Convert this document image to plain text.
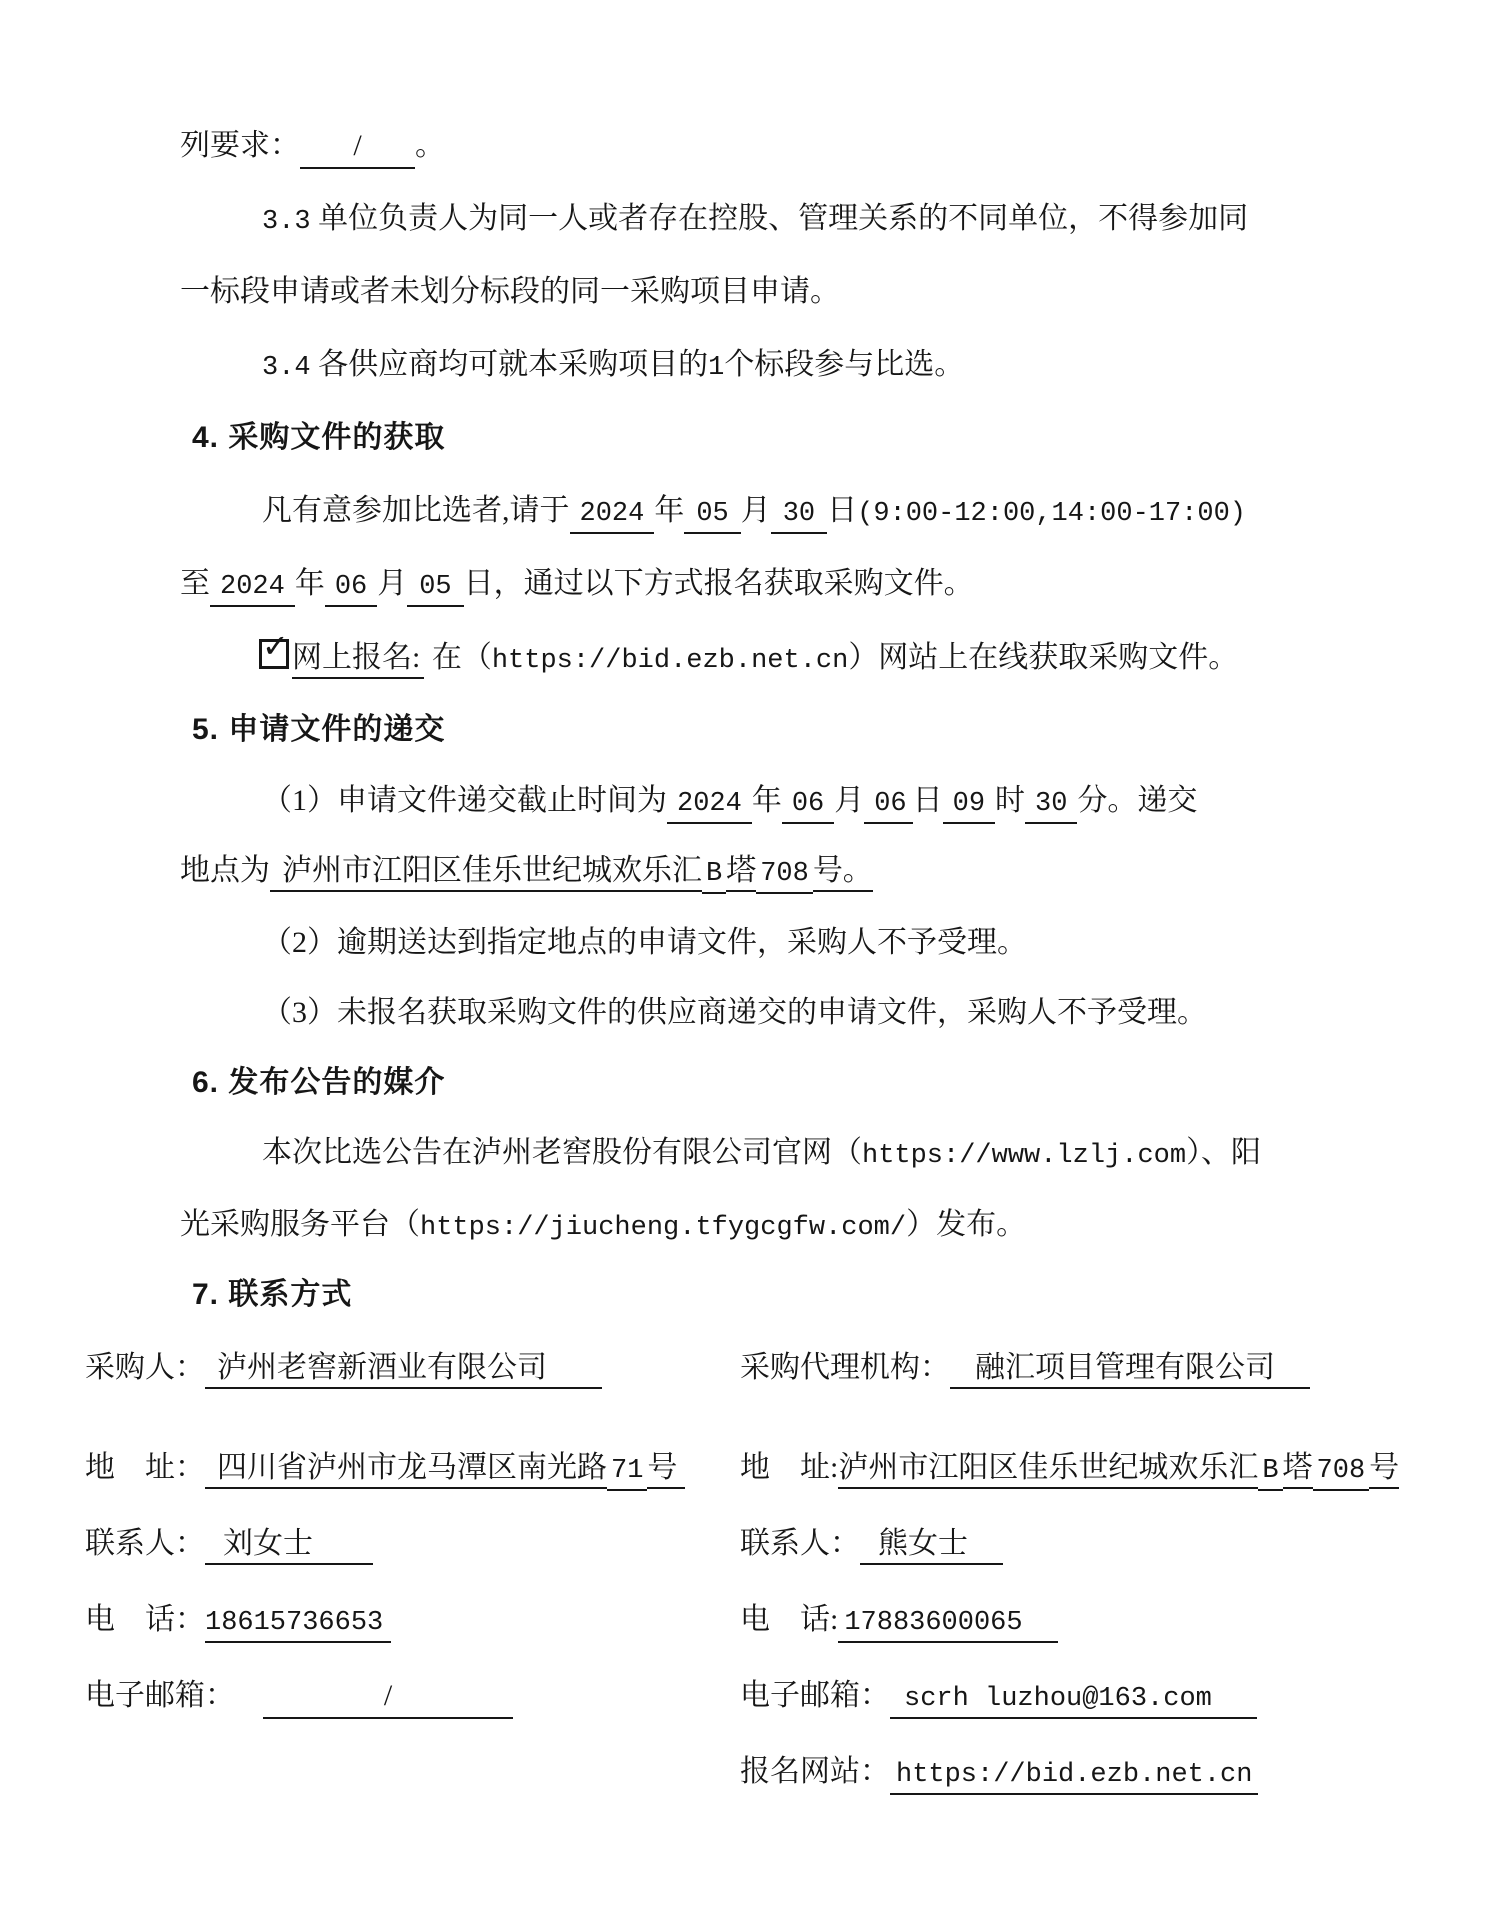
列要求： / 。
3.3 单位负责人为同一人或者存在控股、管理关系的不同单位，不得参加同
一标段申请或者未划分标段的同一采购项目申请。
3.4 各供应商均可就本采购项目的1个标段参与比选。
4. 采购文件的获取
凡有意参加比选者,请于 2024 年 05 月 30 日(9:00-12:00,14:00-17:00)
至 2024 年 06 月 05 日，通过以下方式报名获取采购文件。
✓ 网上报名: 在（https://bid.ezb.net.cn）网站上在线获取采购文件。
5. 申请文件的递交
（1）申请文件递交截止时间为 2024 年 06 月 06 日 09 时 30 分。递交
地点为 泸州市江阳区佳乐世纪城欢乐汇 B 塔 708 号。
（2）逾期送达到指定地点的申请文件，采购人不予受理。
（3）未报名获取采购文件的供应商递交的申请文件，采购人不予受理。
6. 发布公告的媒介
本次比选公告在泸州老窖股份有限公司官网（https://www.lzlj.com）、阳
光采购服务平台（https://jiucheng.tfygcgfw.com/）发布。
7. 联系方式
采购人： 泸州老窖新酒业有限公司	采购代理机构： 融汇项目管理有限公司
地　址： 四川省泸州市龙马潭区南光路 71 号 地　址:泸州市江阳区佳乐世纪城欢乐汇 B 塔 708 号
联系人： 刘女士	联系人： 熊女士
电　话：18615736653	电　话: 17883600065
电子邮箱：	/	电子邮箱： scrh luzhou@163.com
报名网站： https://bid.ezb.net.cn
